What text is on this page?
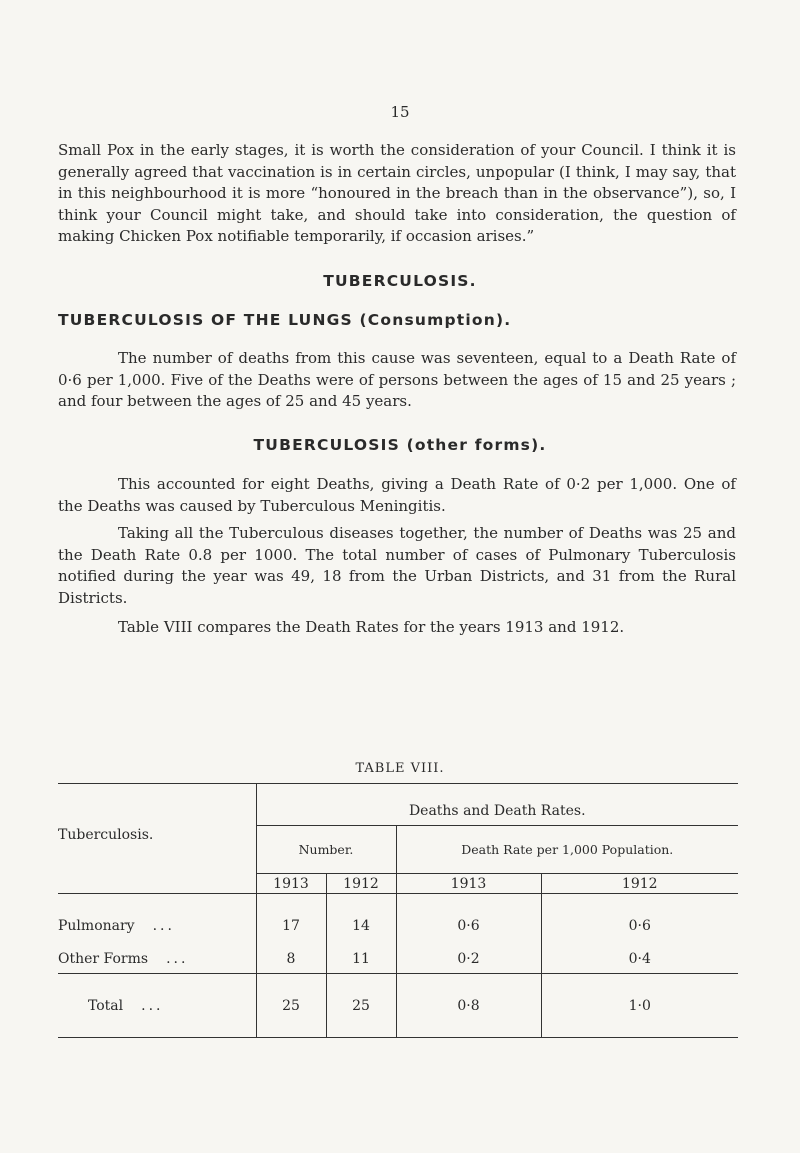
15

Small Pox in the early stages, it is worth the consideration of your Council. I think it is generally agreed that vaccination is in certain circles, unpopular (I think, I may say, that in this neighbourhood it is more “honoured in the breach than in the observance”), so, I think your Council might take, and should take into consideration, the question of making Chicken Pox notifiable temporarily, if occasion arises.”

TUBERCULOSIS.
TUBERCULOSIS OF THE LUNGS (Consumption).

The number of deaths from this cause was seventeen, equal to a Death Rate of 0·6 per 1,000. Five of the Deaths were of persons between the ages of 15 and 25 years ; and four between the ages of 25 and 45 years.

TUBERCULOSIS (other forms).

This accounted for eight Deaths, giving a Death Rate of 0·2 per 1,000. One of the Deaths was caused by Tuberculous Meningitis.

Taking all the Tuberculous diseases together, the number of Deaths was 25 and the Death Rate 0.8 per 1000. The total number of cases of Pulmonary Tuberculosis notified during the year was 49, 18 from the Urban Districts, and 31 from the Rural Districts.

Table VIII compares the Death Rates for the years 1913 and 1912.

TABLE VIII.
Tuberculosis.	Deaths and Death Rates.			
	Number.		Death Rate per 1,000 Population.	
	1913	1912	1913	1912
Pulmonary ...	17	14	0·6	0·6
Other Forms ...	8	11	0·2	0·4
Total ...	25	25	0·8	1·0
